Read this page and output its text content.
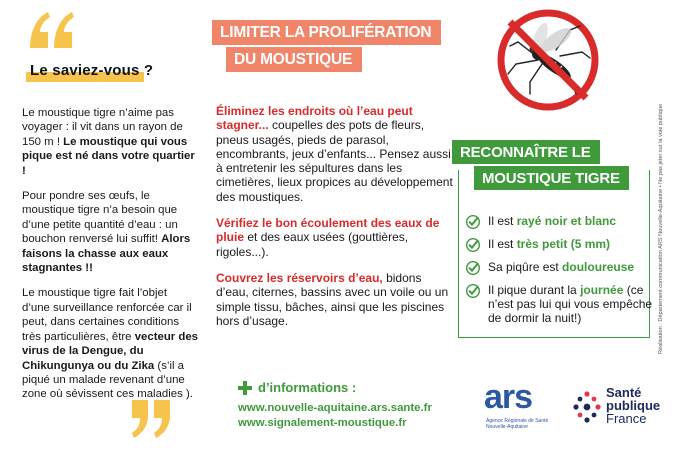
Le saviez-vous ?

Le moustique tigre n’aime pas voyager : il vit dans un rayon de 150 m ! Le moustique qui vous pique est né dans votre quartier !

Pour pondre ses œufs, le moustique tigre n’a besoin que d’une petite quantité d’eau : un bouchon renversé lui suffit! Alors faisons la chasse aux eaux stagnantes !!

Le moustique tigre fait l’objet d’une surveillance renforcée car il peut, dans certaines conditions très particulières, être vecteur des virus de la Dengue, du Chikungunya ou du Zika (s’il a piqué un malade revenant d’une zone où sévissent ces maladies ).

LIMITER LA PROLIFÉRATION
DU MOUSTIQUE

Éliminez les endroits où l’eau peut stagner... coupelles des pots de fleurs, pneus usagés, pieds de parasol, encombrants, jeux d’enfants... Pensez aussi à entretenir les sépultures dans les cimetières, lieux propices au développement des moustiques.

Vérifiez le bon écoulement des eaux de pluie et des eaux usées (gouttières, rigoles...).

Couvrez les réservoirs d’eau, bidons d’eau, citernes, bassins avec un voile ou un simple tissu, bâches, ainsi que les piscines hors d’usage.

d’informations :
www.nouvelle-aquitaine.ars.sante.fr
www.signalement-moustique.fr
RECONNAÎTRE LE
MOUSTIQUE TIGRE
Il est rayé noir et blanc
Il est très petit (5 mm)
Sa piqûre est douloureuse
Il pique durant la journée (ce n’est pas lui qui vous empêche de dormir la nuit!)	Réalisation : Département communication ARS Nouvelle-Aquitaine • Ne pas jeter sur la voie publique
ars
Agence Régionale de Santé Nouvelle-Aquitaine
Santé
publique
France
